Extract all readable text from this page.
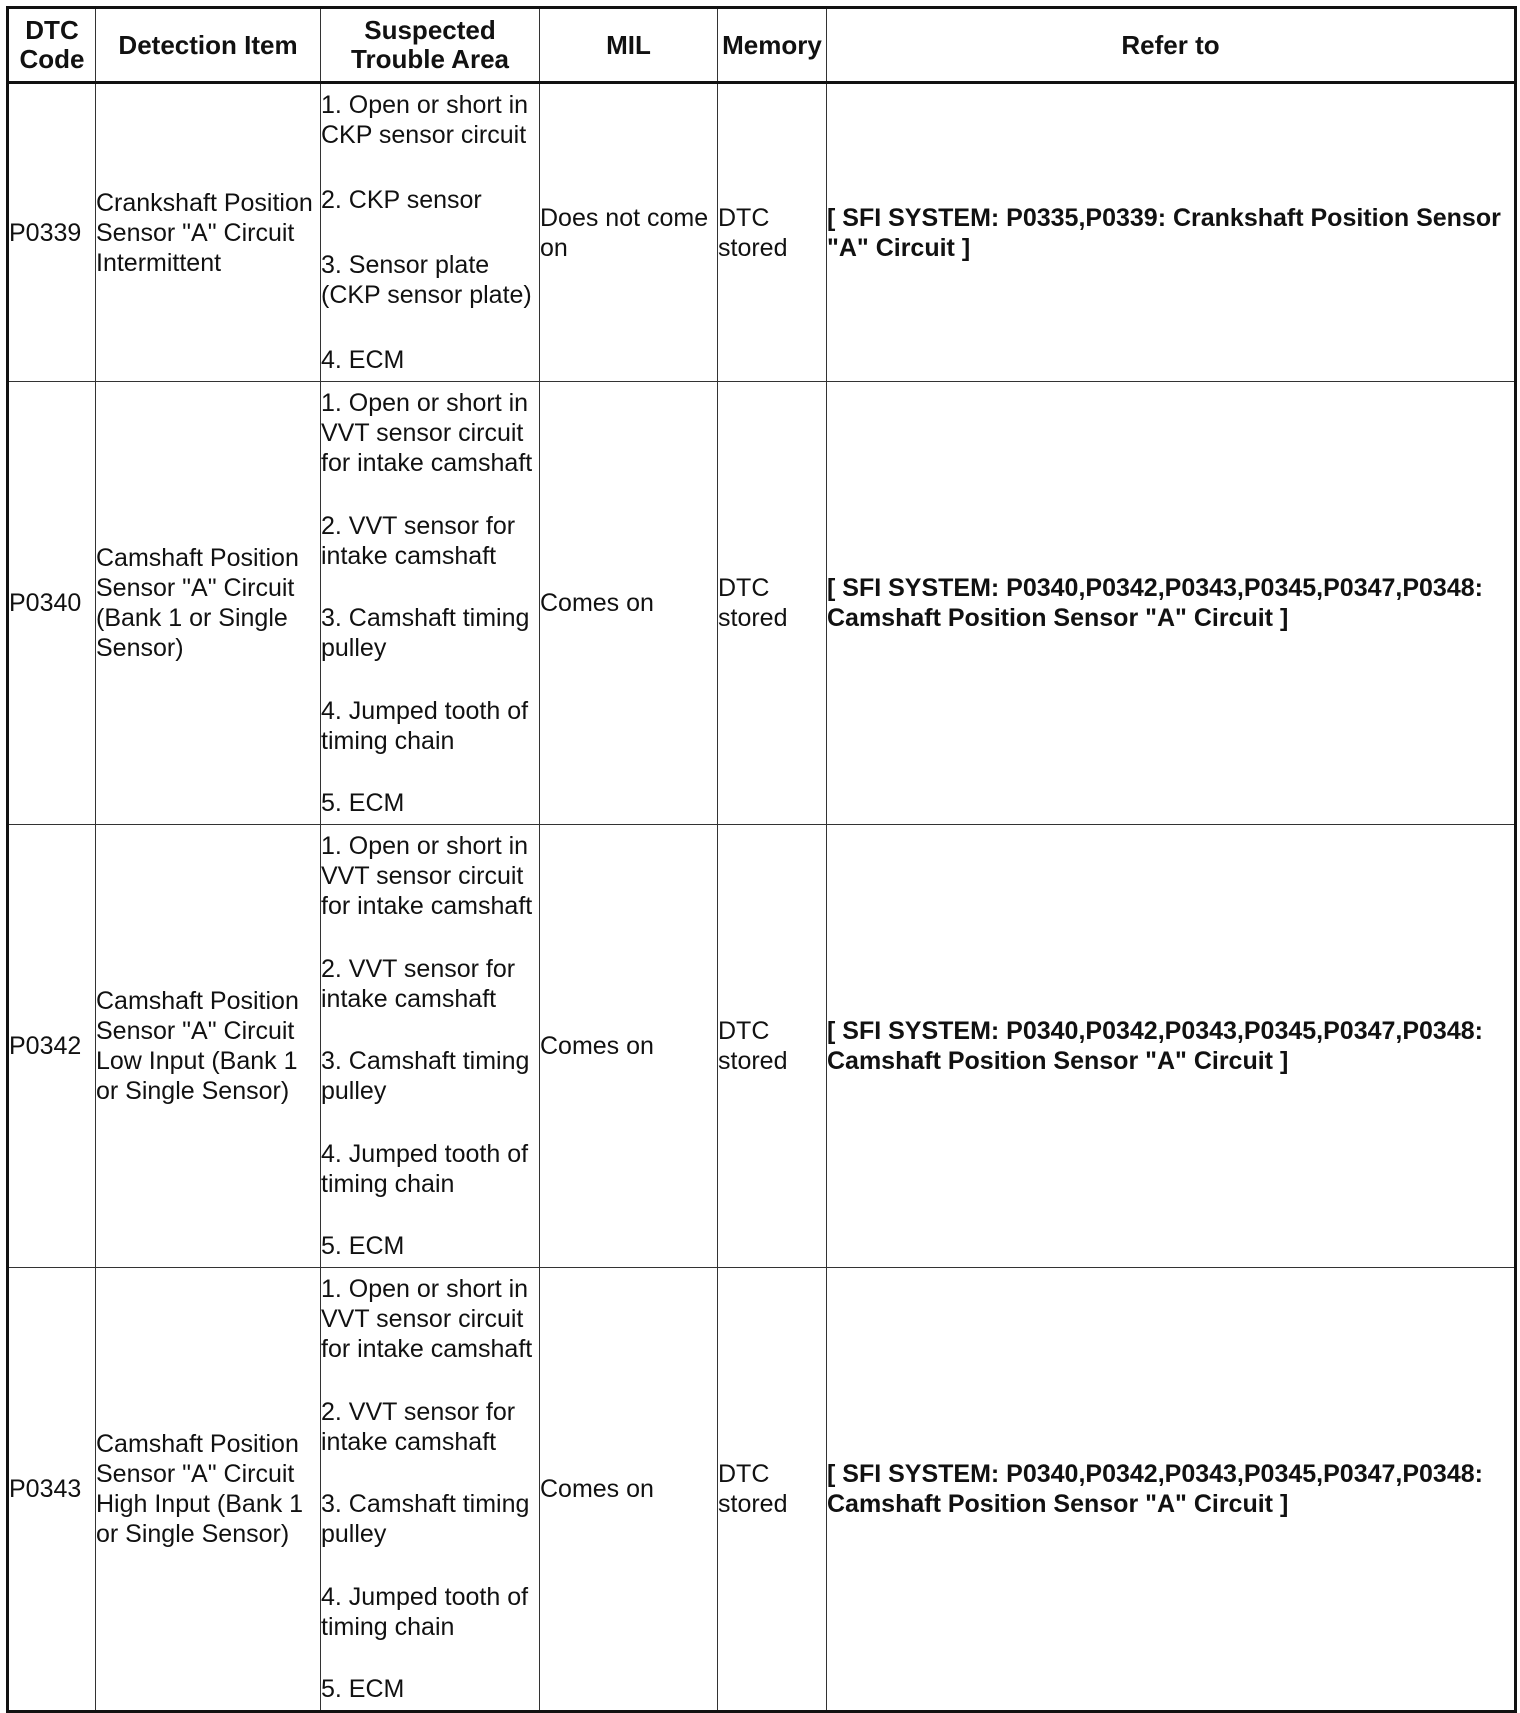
DTC
Code	Detection Item	Suspected
Trouble Area	MIL	Memory	Refer to

P0339	Crankshaft Position Sensor "A" Circuit Intermittent	1. Open or short in CKP sensor circuit
2. CKP sensor
3. Sensor plate (CKP sensor plate)
4. ECM	Does not come on	DTC stored	[ SFI SYSTEM: P0335,P0339: Crankshaft Position Sensor "A" Circuit ]

P0340	Camshaft Position Sensor "A" Circuit (Bank 1 or Single Sensor)	1. Open or short in VVT sensor circuit for intake camshaft
2. VVT sensor for intake camshaft
3. Camshaft timing pulley
4. Jumped tooth of timing chain
5. ECM	Comes on	DTC stored	[ SFI SYSTEM: P0340,P0342,P0343,P0345,P0347,P0348: Camshaft Position Sensor "A" Circuit ]

P0342	Camshaft Position Sensor "A" Circuit Low Input (Bank 1 or Single Sensor)	1. Open or short in VVT sensor circuit for intake camshaft
2. VVT sensor for intake camshaft
3. Camshaft timing pulley
4. Jumped tooth of timing chain
5. ECM	Comes on	DTC stored	[ SFI SYSTEM: P0340,P0342,P0343,P0345,P0347,P0348: Camshaft Position Sensor "A" Circuit ]

P0343	Camshaft Position Sensor "A" Circuit High Input (Bank 1 or Single Sensor)	1. Open or short in VVT sensor circuit for intake camshaft
2. VVT sensor for intake camshaft
3. Camshaft timing pulley
4. Jumped tooth of timing chain
5. ECM	Comes on	DTC stored	[ SFI SYSTEM: P0340,P0342,P0343,P0345,P0347,P0348: Camshaft Position Sensor "A" Circuit ]
